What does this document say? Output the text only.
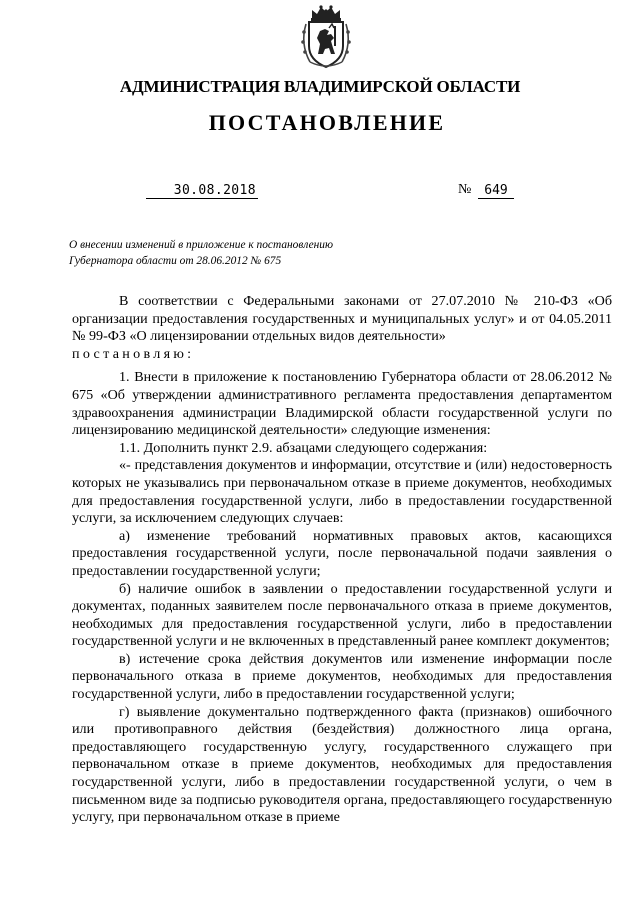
АДМИНИСТРАЦИЯ ВЛАДИМИРСКОЙ ОБЛАСТИ
ПОСТАНОВЛЕНИЕ
30.08.2018	№ 649
О внесении изменений в приложение к постановлению
Губернатора области от 28.06.2012 № 675

В соответствии с Федеральными законами от 27.07.2010 № 210-ФЗ «Об организации предоставления государственных и муниципальных услуг» и от 04.05.2011 № 99-ФЗ «О лицензировании отдельных видов деятельности»

постановляю:

1. Внести в приложение к постановлению Губернатора области от 28.06.2012 № 675 «Об утверждении административного регламента предоставления департаментом здравоохранения администрации Владимирской области государственной услуги по лицензированию медицинской деятельности» следующие изменения:

1.1. Дополнить пункт 2.9. абзацами следующего содержания:

«- представления документов и информации, отсутствие и (или) недостоверность которых не указывались при первоначальном отказе в приеме документов, необходимых для предоставления государственной услуги, либо в предоставлении государственной услуги, за исключением следующих случаев:

а) изменение требований нормативных правовых актов, касающихся предоставления государственной услуги, после первоначальной подачи заявления о предоставлении государственной услуги;

б) наличие ошибок в заявлении о предоставлении государственной услуги и документах, поданных заявителем после первоначального отказа в приеме документов, необходимых для предоставления государственной услуги, либо в предоставлении государственной услуги и не включенных в представленный ранее комплект документов;

в) истечение срока действия документов или изменение информации после первоначального отказа в приеме документов, необходимых для предоставления государственной услуги, либо в предоставлении государственной услуги;

г) выявление документально подтвержденного факта (признаков) ошибочного или противоправного действия (бездействия) должностного лица органа, предоставляющего государственную услугу, государственного служащего при первоначальном отказе в приеме документов, необходимых для предоставления государственной услуги, либо в предоставлении государственной услуги, о чем в письменном виде за подписью руководителя органа, предоставляющего государственную услугу, при первоначальном отказе в приеме
